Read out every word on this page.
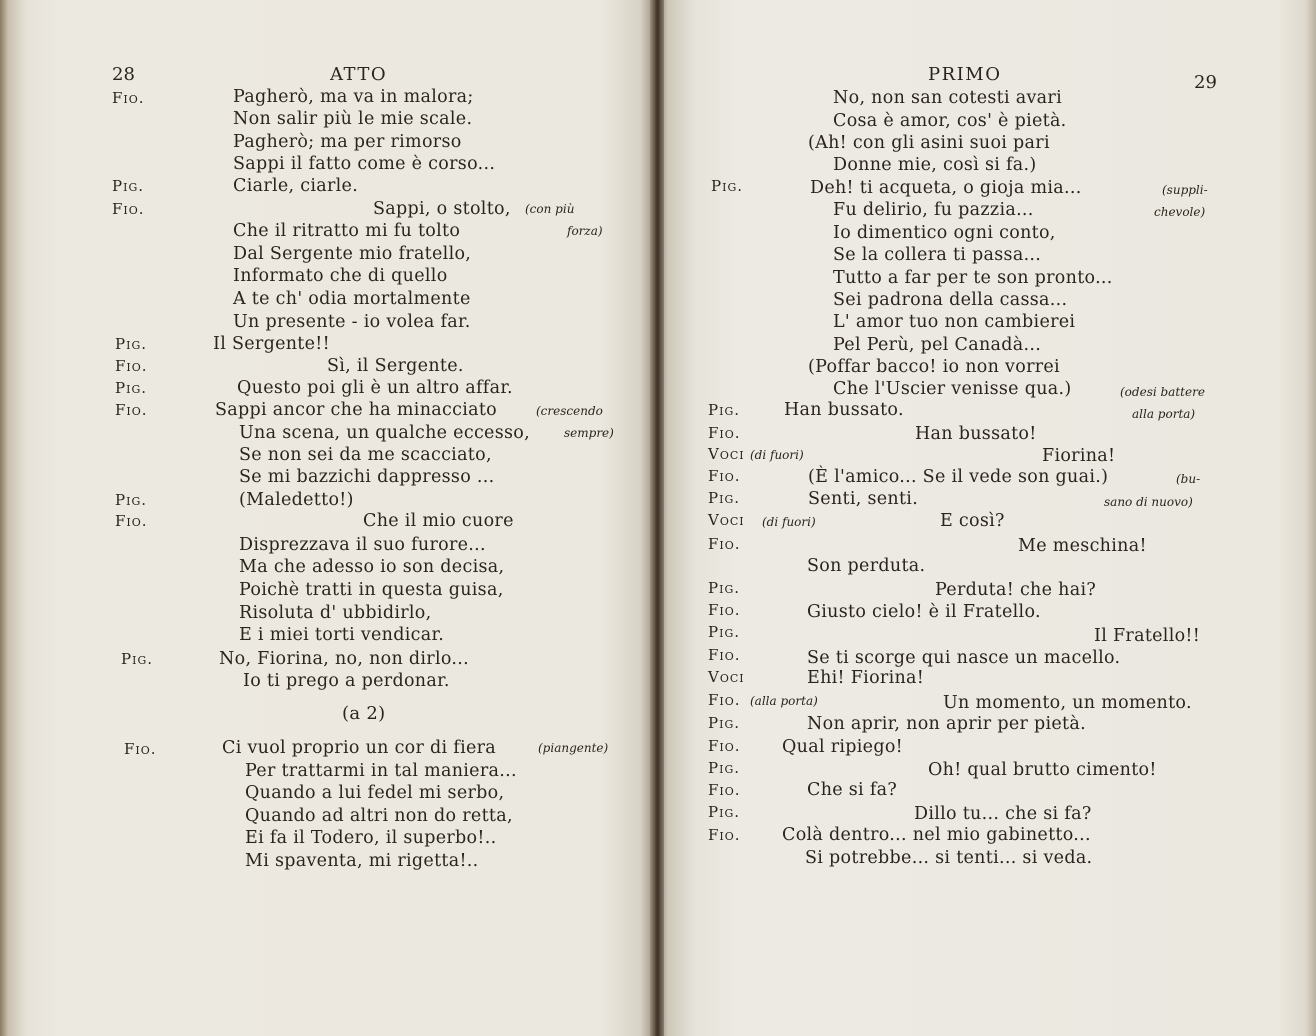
28	ATTO
Fio.
Pig.
Fio.
Pig.
Fio.
Pig.
Fio.
Pig.
Fio.
Pig.
Fio.
Pagherò, ma va in malora;
Non salir più le mie scale.
Pagherò; ma per rimorso
Sappi il fatto come è corso...
Ciarle, ciarle.
Sappi, o stolto,
Che il ritratto mi fu tolto
Dal Sergente mio fratello,
Informato che di quello
A te ch' odia mortalmente
Un presente - io volea far.
Il Sergente!!
Sì, il Sergente.
Questo poi gli è un altro affar.
Sappi ancor che ha minacciato
Una scena, un qualche eccesso,
Se non sei da me scacciato,
Se mi bazzichi dappresso ...
(Maledetto!)
Che il mio cuore
Disprezzava il suo furore...
Ma che adesso io son decisa,
Poichè tratti in questa guisa,
Risoluta d' ubbidirlo,
E i miei torti vendicar.
No, Fiorina, no, non dirlo...
Io ti prego a perdonar.
(a 2)
Ci vuol proprio un cor di fiera
Per trattarmi in tal maniera...
Quando a lui fedel mi serbo,
Quando ad altri non do retta,
Ei fa il Todero, il superbo!..
Mi spaventa, mi rigetta!..
(con più
forza)
(crescendo
sempre)
(piangente)
PRIMO	29
Pig.
Pig.
Fio.
Voci
Fio.
Pig.
Voci
Fio.
Pig.
Fio.
Pig.
Fio.
Voci
Fio.
Pig.
Fio.
Pig.
Fio.
Pig.
Fio.
No, non san cotesti avari
Cosa è amor, cos' è pietà.
(Ah! con gli asini suoi pari
Donne mie, così si fa.)
Deh! ti acqueta, o gioja mia...
Fu delirio, fu pazzia...
Io dimentico ogni conto,
Se la collera ti passa...
Tutto a far per te son pronto...
Sei padrona della cassa...
L' amor tuo non cambierei
Pel Perù, pel Canadà...
(Poffar bacco! io non vorrei
Che l'Uscier venisse qua.)
Han bussato.
Han bussato!
Fiorina!
(È l'amico... Se il vede son guai.)
Senti, senti.
E così?
Me meschina!
Son perduta.
Perduta! che hai?
Giusto cielo! è il Fratello.
Il Fratello!!
Se ti scorge qui nasce un macello.
Ehi! Fiorina!
Un momento, un momento.
Non aprir, non aprir per pietà.
Qual ripiego!
Oh! qual brutto cimento!
Che si fa?
Dillo tu... che si fa?
Colà dentro... nel mio gabinetto...
Si potrebbe... si tenti... si veda.
(suppli-
chevole)
(odesi battere
alla porta)
(di fuori)
(bu-
sano di nuovo)
(di fuori)
(alla porta)
